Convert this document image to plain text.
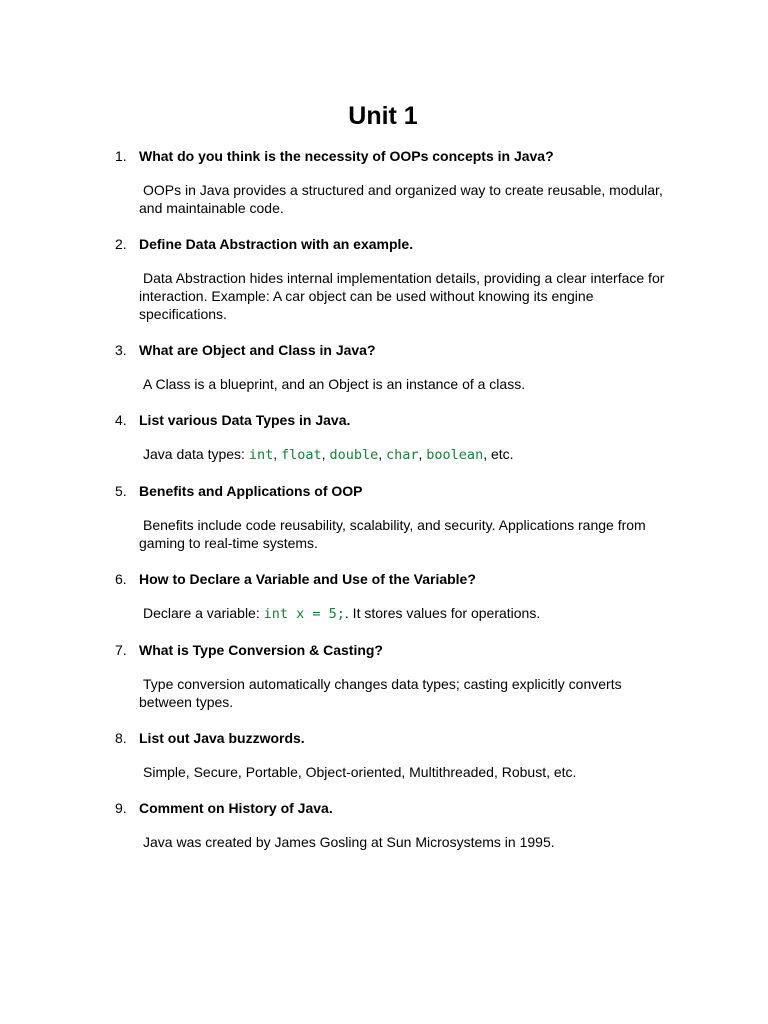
Unit 1
1. What do you think is the necessity of OOPs concepts in Java?

OOPs in Java provides a structured and organized way to create reusable, modular, and maintainable code.

2. Define Data Abstraction with an example.

Data Abstraction hides internal implementation details, providing a clear interface for interaction. Example: A car object can be used without knowing its engine specifications.

3. What are Object and Class in Java?

A Class is a blueprint, and an Object is an instance of a class.

4. List various Data Types in Java.

Java data types: int, float, double, char, boolean, etc.

5. Benefits and Applications of OOP

Benefits include code reusability, scalability, and security. Applications range from gaming to real-time systems.

6. How to Declare a Variable and Use of the Variable?

Declare a variable: int x = 5;. It stores values for operations.

7. What is Type Conversion & Casting?

Type conversion automatically changes data types; casting explicitly converts between types.

8. List out Java buzzwords.

Simple, Secure, Portable, Object-oriented, Multithreaded, Robust, etc.

9. Comment on History of Java.

Java was created by James Gosling at Sun Microsystems in 1995.
